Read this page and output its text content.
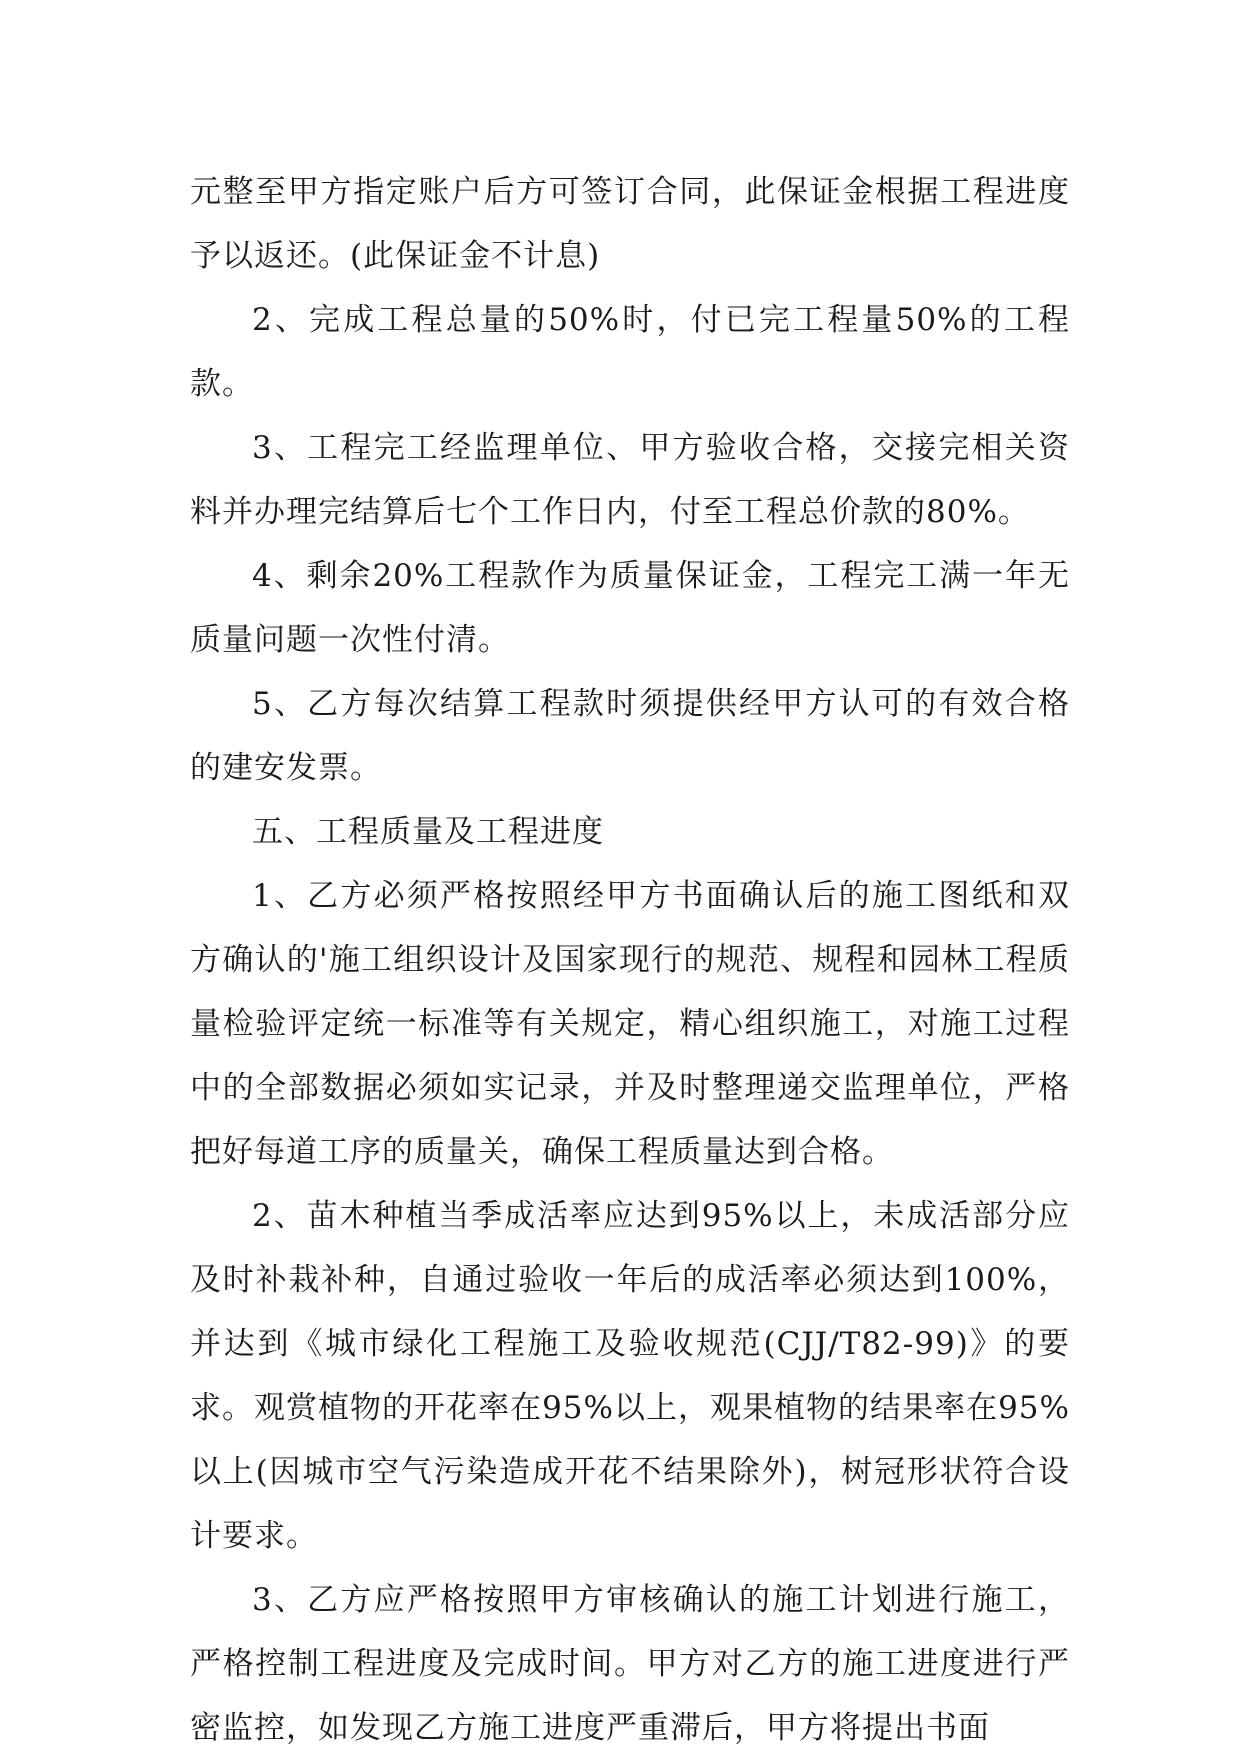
元整至甲方指定账户后方可签订合同，此保证金根据工程进度予以返还。(此保证金不计息)

2、完成工程总量的50%时，付已完工程量50%的工程款。

3、工程完工经监理单位、甲方验收合格，交接完相关资料并办理完结算后七个工作日内，付至工程总价款的80%。

4、剩余20%工程款作为质量保证金，工程完工满一年无质量问题一次性付清。

5、乙方每次结算工程款时须提供经甲方认可的有效合格的建安发票。

五、工程质量及工程进度

1、乙方必须严格按照经甲方书面确认后的施工图纸和双方确认的'施工组织设计及国家现行的规范、规程和园林工程质量检验评定统一标准等有关规定，精心组织施工，对施工过程中的全部数据必须如实记录，并及时整理递交监理单位，严格把好每道工序的质量关，确保工程质量达到合格。

2、苗木种植当季成活率应达到95%以上，未成活部分应及时补栽补种，自通过验收一年后的成活率必须达到100%，并达到《城市绿化工程施工及验收规范(CJJ/T82-99)》的要求。观赏植物的开花率在95%以上，观果植物的结果率在95%以上(因城市空气污染造成开花不结果除外)，树冠形状符合设计要求。

3、乙方应严格按照甲方审核确认的施工计划进行施工，严格控制工程进度及完成时间。甲方对乙方的施工进度进行严密监控，如发现乙方施工进度严重滞后，甲方将提出书面
